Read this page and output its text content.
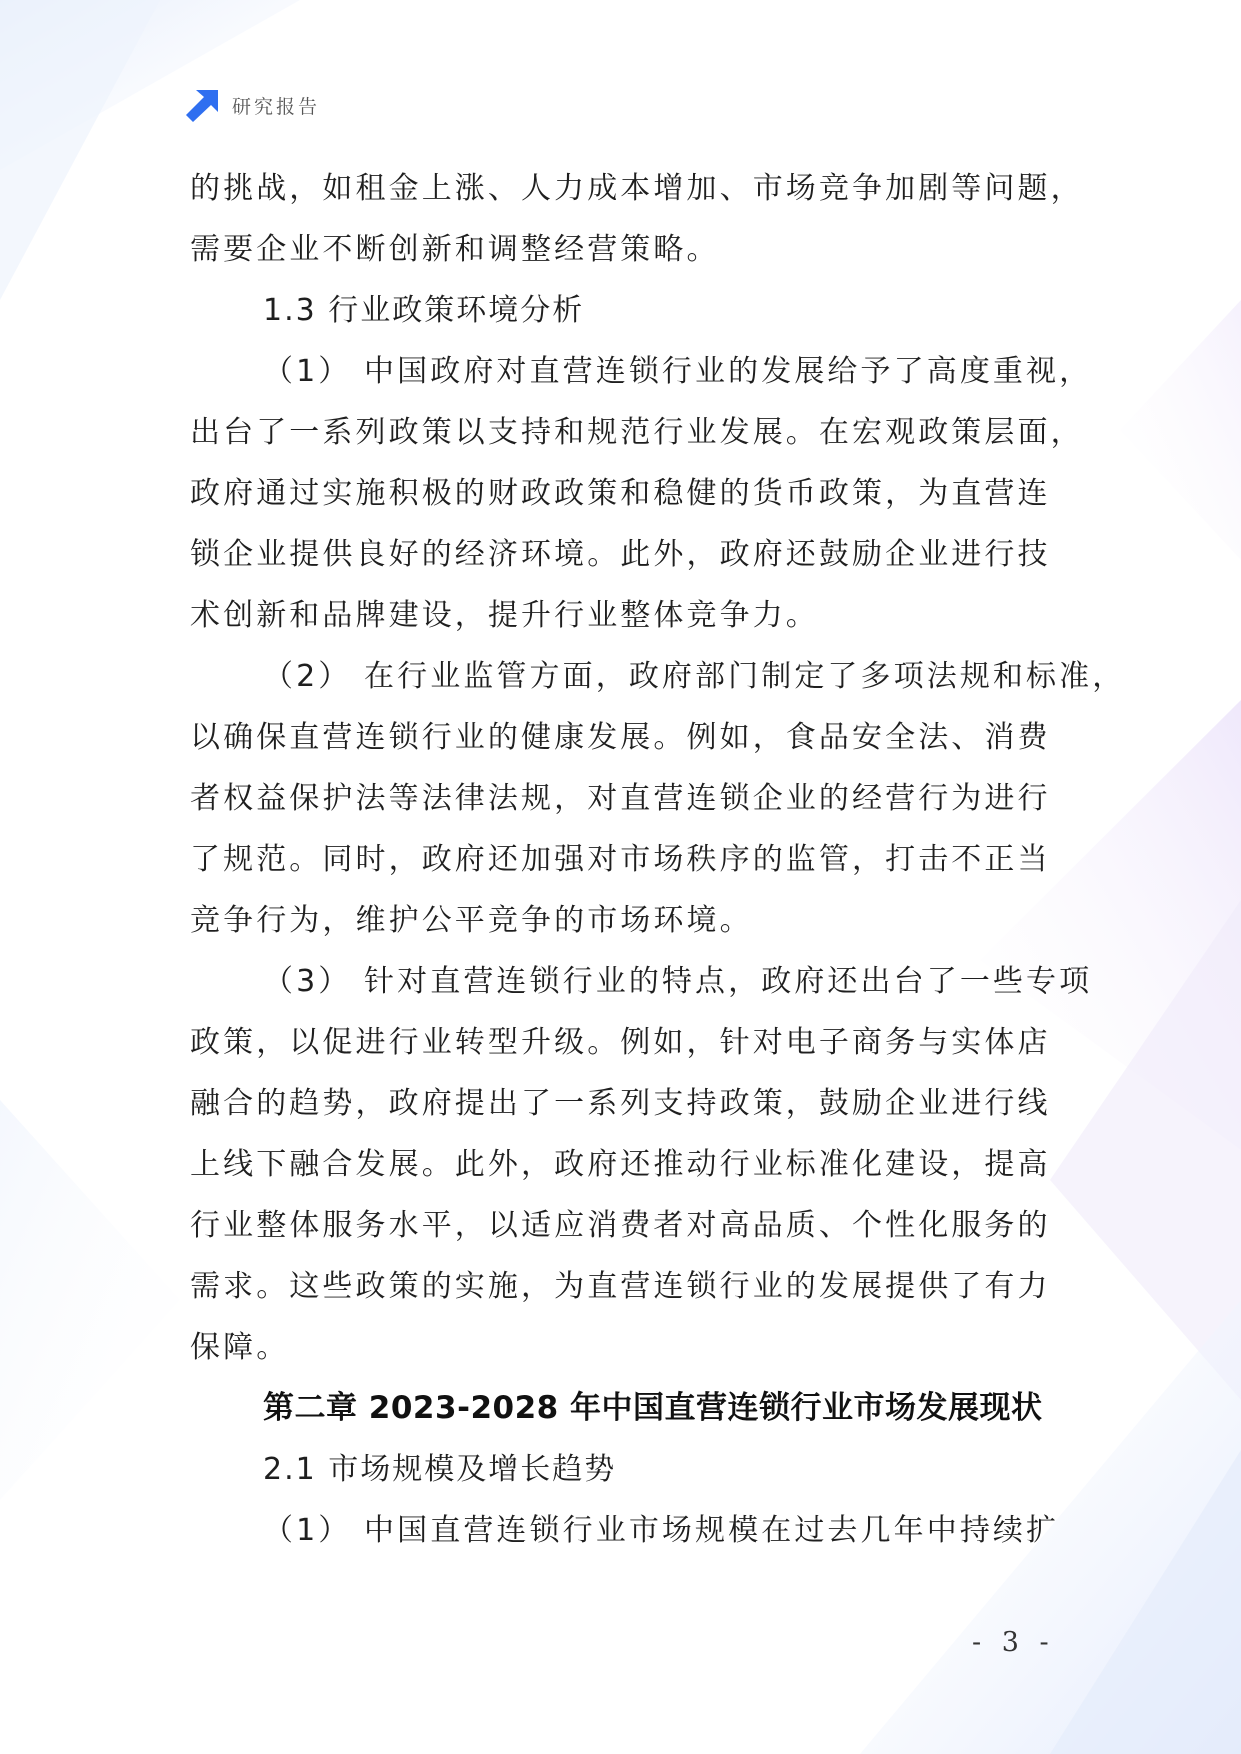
研究报告
的挑战，如租金上涨、人力成本增加、市场竞争加剧等问题，
需要企业不断创新和调整经营策略。
1.3 行业政策环境分析
（1） 中国政府对直营连锁行业的发展给予了高度重视，
出台了一系列政策以支持和规范行业发展。在宏观政策层面，
政府通过实施积极的财政政策和稳健的货币政策，为直营连
锁企业提供良好的经济环境。此外，政府还鼓励企业进行技
术创新和品牌建设，提升行业整体竞争力。
（2） 在行业监管方面，政府部门制定了多项法规和标准，
以确保直营连锁行业的健康发展。例如，食品安全法、消费
者权益保护法等法律法规，对直营连锁企业的经营行为进行
了规范。同时，政府还加强对市场秩序的监管，打击不正当
竞争行为，维护公平竞争的市场环境。
（3） 针对直营连锁行业的特点，政府还出台了一些专项
政策，以促进行业转型升级。例如，针对电子商务与实体店
融合的趋势，政府提出了一系列支持政策，鼓励企业进行线
上线下融合发展。此外，政府还推动行业标准化建设，提高
行业整体服务水平，以适应消费者对高品质、个性化服务的
需求。这些政策的实施，为直营连锁行业的发展提供了有力
保障。
第二章 2023-2028 年中国直营连锁行业市场发展现状
2.1 市场规模及增长趋势
（1） 中国直营连锁行业市场规模在过去几年中持续扩
- 3 -
